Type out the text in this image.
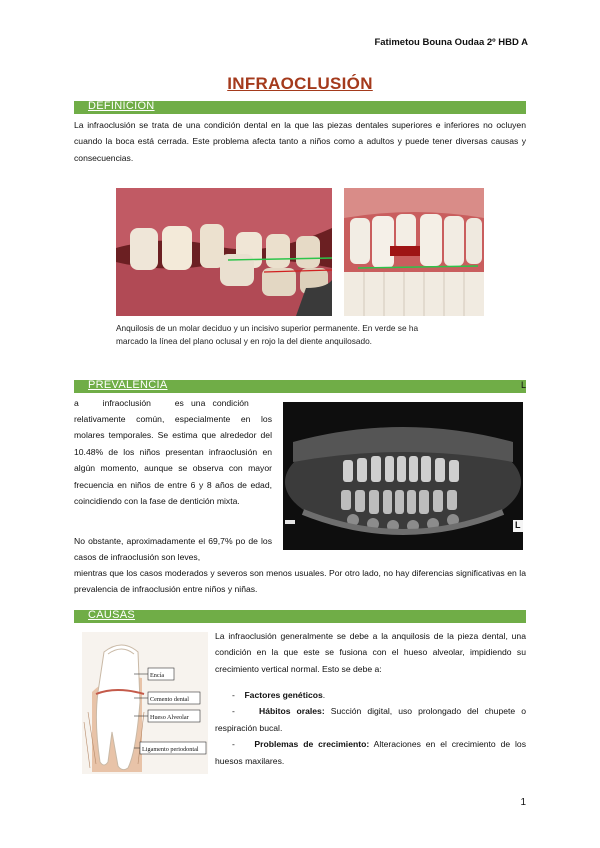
Fatimetou Bouna Oudaa 2º HBD A
INFRAOCLUSIÓN
DEFINICIÓN
La infraoclusión se trata de una condición dental en la que las piezas dentales superiores e inferiores no ocluyen cuando la boca está cerrada. Este problema afecta tanto a niños como a adultos y puede tener diversas causas y consecuencias.
Anquilosis de un molar deciduo y un incisivo superior permanente. En verde se ha
marcado la línea del plano oclusal y en rojo la del diente anquilosado.
PREVALENCIA	L
a          infraoclusión          es   una   condición
relativamente común, especialmente en los molares temporales. Se estima que alrededor del 10.48% de los niños presentan infraoclusión en algún momento, aunque se observa con mayor frecuencia en niños de entre 6 y 8 años de edad, coincidiendo con la fase de dentición mixta.
L
No obstante, aproximadamente el 69,7% po de los casos de infraoclusión son leves,
mientras que los casos moderados y severos son menos usuales. Por otro lado, no hay diferencias significativas en la prevalencia de infraoclusión entre niños y niñas.
CAUSAS
Encía
Cemento dental
Hueso Alveolar
Ligamento periodontal
La infraoclusión generalmente se debe a la anquilosis de la pieza dental, una condición en la que este se fusiona con el hueso alveolar, impidiendo su crecimiento vertical normal. Esto se debe a:
- Factores genéticos.
-	Hábitos orales: Succión digital, uso prolongado del chupete o respiración bucal.
- Problemas de crecimiento: Alteraciones en el crecimiento de los huesos maxilares.
1
